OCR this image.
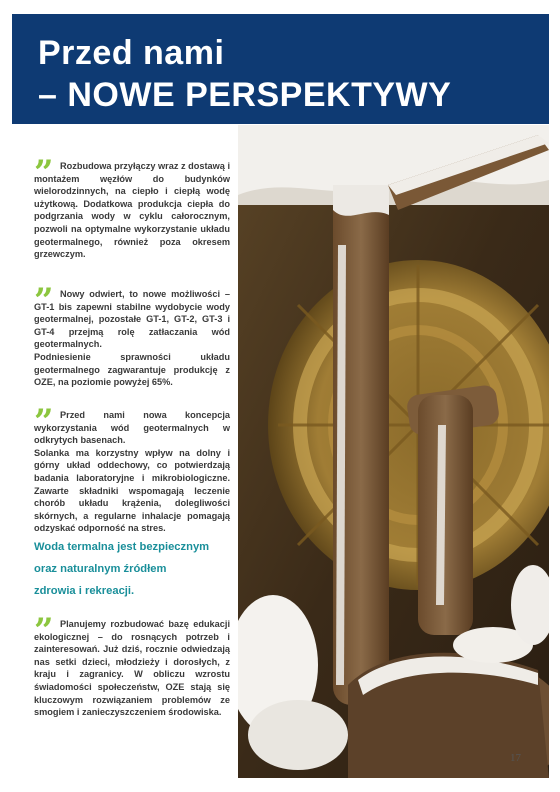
Przed nami
– NOWE PERSPEKTYWY
” Rozbudowa przyłączy wraz z dostawą i montażem węzłów do budynków wielorodzinnych, na ciepło i ciepłą wodę użytkową. Dodatkowa produkcja ciepła do podgrzania wody w cyklu całorocznym, pozwoli na optymalne wykorzystanie układu geotermalnego, również poza okresem grzewczym.
” Nowy odwiert, to nowe możliwości – GT-1 bis zapewni stabilne wydobycie wody geotermalnej, pozostałe GT-1, GT-2, GT-3 i GT-4 przejmą rolę zatłaczania wód geotermalnych.

Podniesienie sprawności układu geotermalnego zagwarantuje produkcję z OZE, na poziomie powyżej 65%.

” Przed nami nowa koncepcja wykorzystania wód geotermalnych w odkrytych basenach.

Solanka ma korzystny wpływ na dolny i górny układ oddechowy, co potwierdzają badania laboratoryjne i mikrobiologiczne. Zawarte składniki wspomagają leczenie chorób układu krążenia, dolegliwości skórnych, a regularne inhalacje pomagają odzyskać odporność na stres.

Woda termalna jest bezpiecznym
oraz naturalnym źródłem
zdrowia i rekreacji.
” Planujemy rozbudować bazę edukacji ekologicznej – do rosnących potrzeb i zainteresowań. Już dziś, rocznie odwiedzają nas setki dzieci, młodzieży i dorosłych, z kraju i zagranicy. W obliczu wzrostu świadomości społeczeństw, OZE stają się kluczowym rozwiązaniem problemów ze smogiem i zanieczyszczeniem środowiska.
17
